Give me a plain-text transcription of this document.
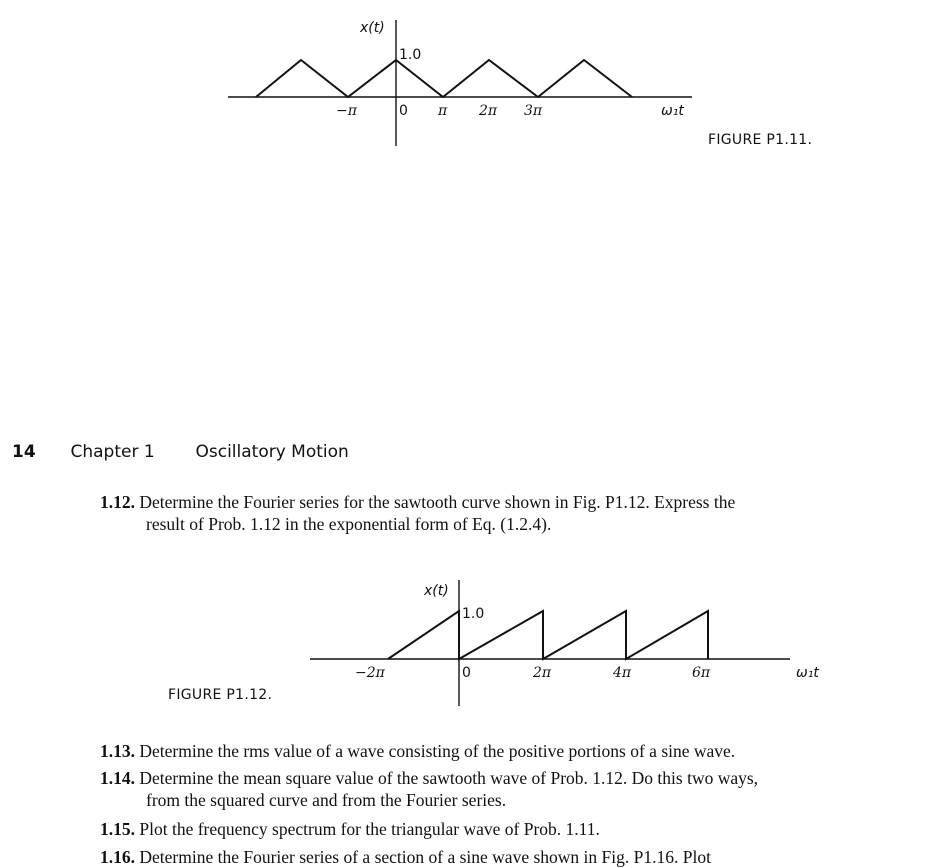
x(t)
1.0
−π	0 π 2π 3π	ω₁t
FIGURE P1.11.
14 Chapter 1 Oscillatory Motion
1.12. Determine the Fourier series for the sawtooth curve shown in Fig. P1.12. Express the
result of Prob. 1.12 in the exponential form of Eq. (1.2.4).
x(t)
1.0
−2π	0	2π	4π	6π	ω₁t
FIGURE P1.12.
1.13. Determine the rms value of a wave consisting of the positive portions of a sine wave.
1.14. Determine the mean square value of the sawtooth wave of Prob. 1.12. Do this two ways,
from the squared curve and from the Fourier series.
1.15. Plot the frequency spectrum for the triangular wave of Prob. 1.11.
1.16. Determine the Fourier series of a section of a sine wave shown in Fig. P1.16. Plot
